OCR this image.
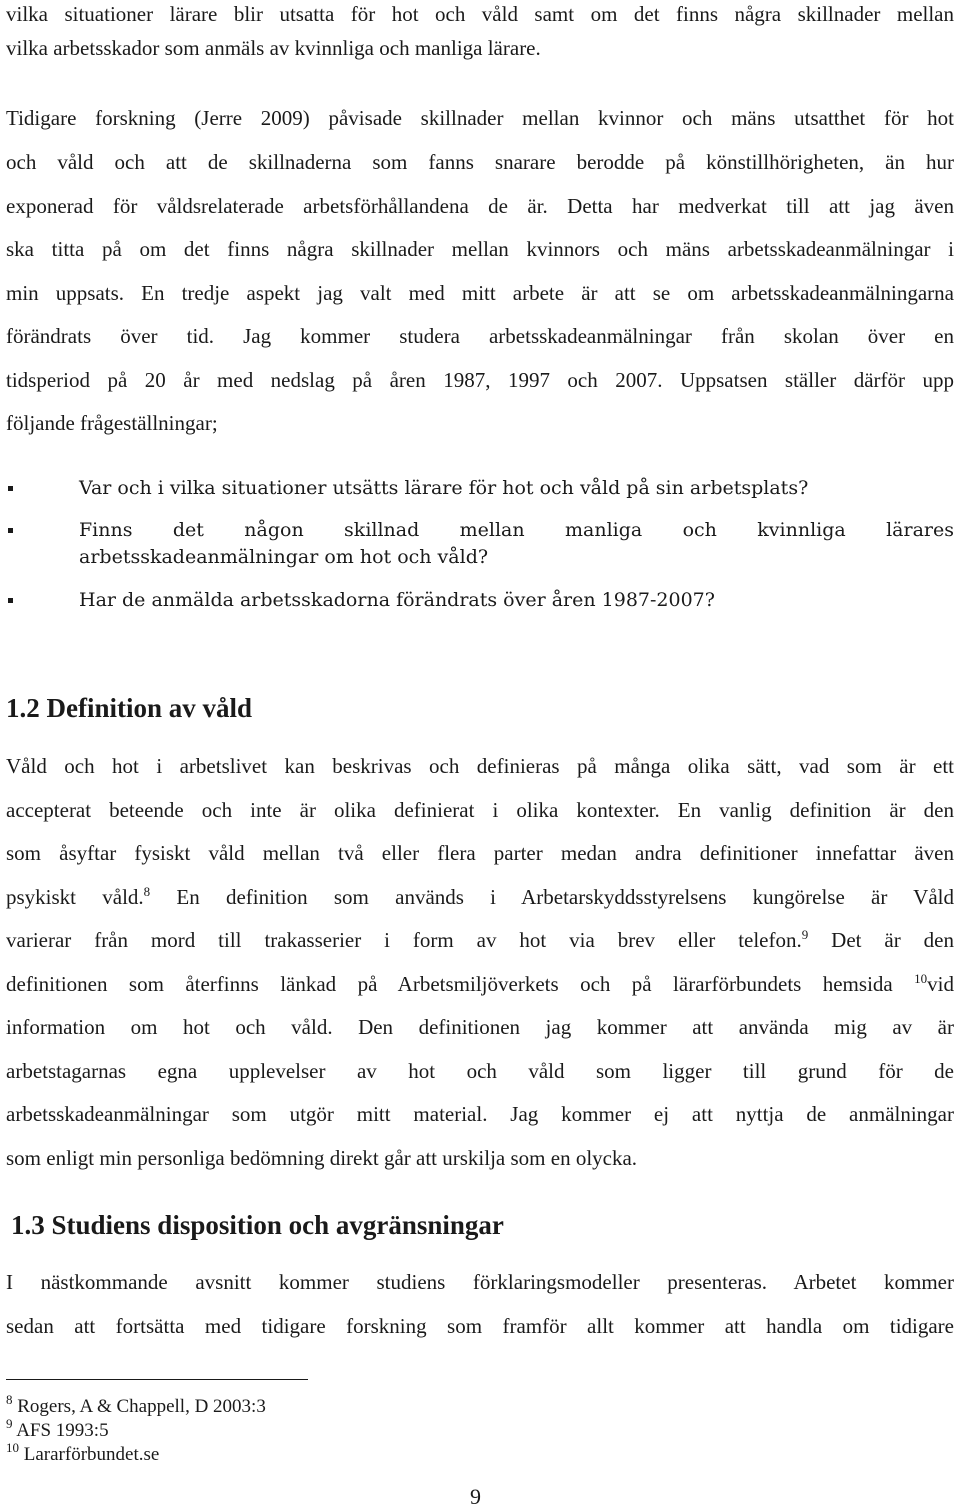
vilka situationer lärare blir utsatta för hot och våld samt om det finns några skillnader mellan
vilka arbetsskador som anmäls av kvinnliga och manliga lärare.
Tidigare forskning (Jerre 2009) påvisade skillnader mellan kvinnor och mäns utsatthet för hot
och våld och att de skillnaderna som fanns snarare berodde på könstillhörigheten, än hur
exponerad för våldsrelaterade arbetsförhållandena de är. Detta har medverkat till att jag även
ska titta på om det finns några skillnader mellan kvinnors och mäns arbetsskadeanmälningar i
min uppsats. En tredje aspekt jag valt med mitt arbete är att se om arbetsskadeanmälningarna
förändrats över tid. Jag kommer studera arbetsskadeanmälningar från skolan över en
tidsperiod på 20 år med nedslag på åren 1987, 1997 och 2007. Uppsatsen ställer därför upp
följande frågeställningar;
Var och i vilka situationer utsätts lärare för hot och våld på sin arbetsplats?
Finns det någon skillnad mellan manliga och kvinnliga lärares
arbetsskadeanmälningar om hot och våld?
Har de anmälda arbetsskadorna förändrats över åren 1987-2007?
1.2 Definition av våld
Våld och hot i arbetslivet kan beskrivas och definieras på många olika sätt, vad som är ett
accepterat beteende och inte är olika definierat i olika kontexter. En vanlig definition är den
som åsyftar fysiskt våld mellan två eller flera parter medan andra definitioner innefattar även
psykiskt våld.$^8$ En definition som används i Arbetarskyddsstyrelsens kungörelse är Våld
varierar från mord till trakasserier i form av hot via brev eller telefon.$^9$ Det är den
definitionen som återfinns länkad på Arbetsmiljöverkets och på lärarförbundets hemsida $^{10}$vid
information om hot och våld. Den definitionen jag kommer att använda mig av är
arbetstagarnas egna upplevelser av hot och våld som ligger till grund för de
arbetsskadeanmälningar som utgör mitt material. Jag kommer ej att nyttja de anmälningar
som enligt min personliga bedömning direkt går att urskilja som en olycka.
1.3 Studiens disposition och avgränsningar
I nästkommande avsnitt kommer studiens förklaringsmodeller presenteras. Arbetet kommer
sedan att fortsätta med tidigare forskning som framför allt kommer att handla om tidigare
$^8$ Rogers, A & Chappell, D 2003:3
$^9$ AFS 1993:5
$^{10}$ Lararförbundet.se
9
